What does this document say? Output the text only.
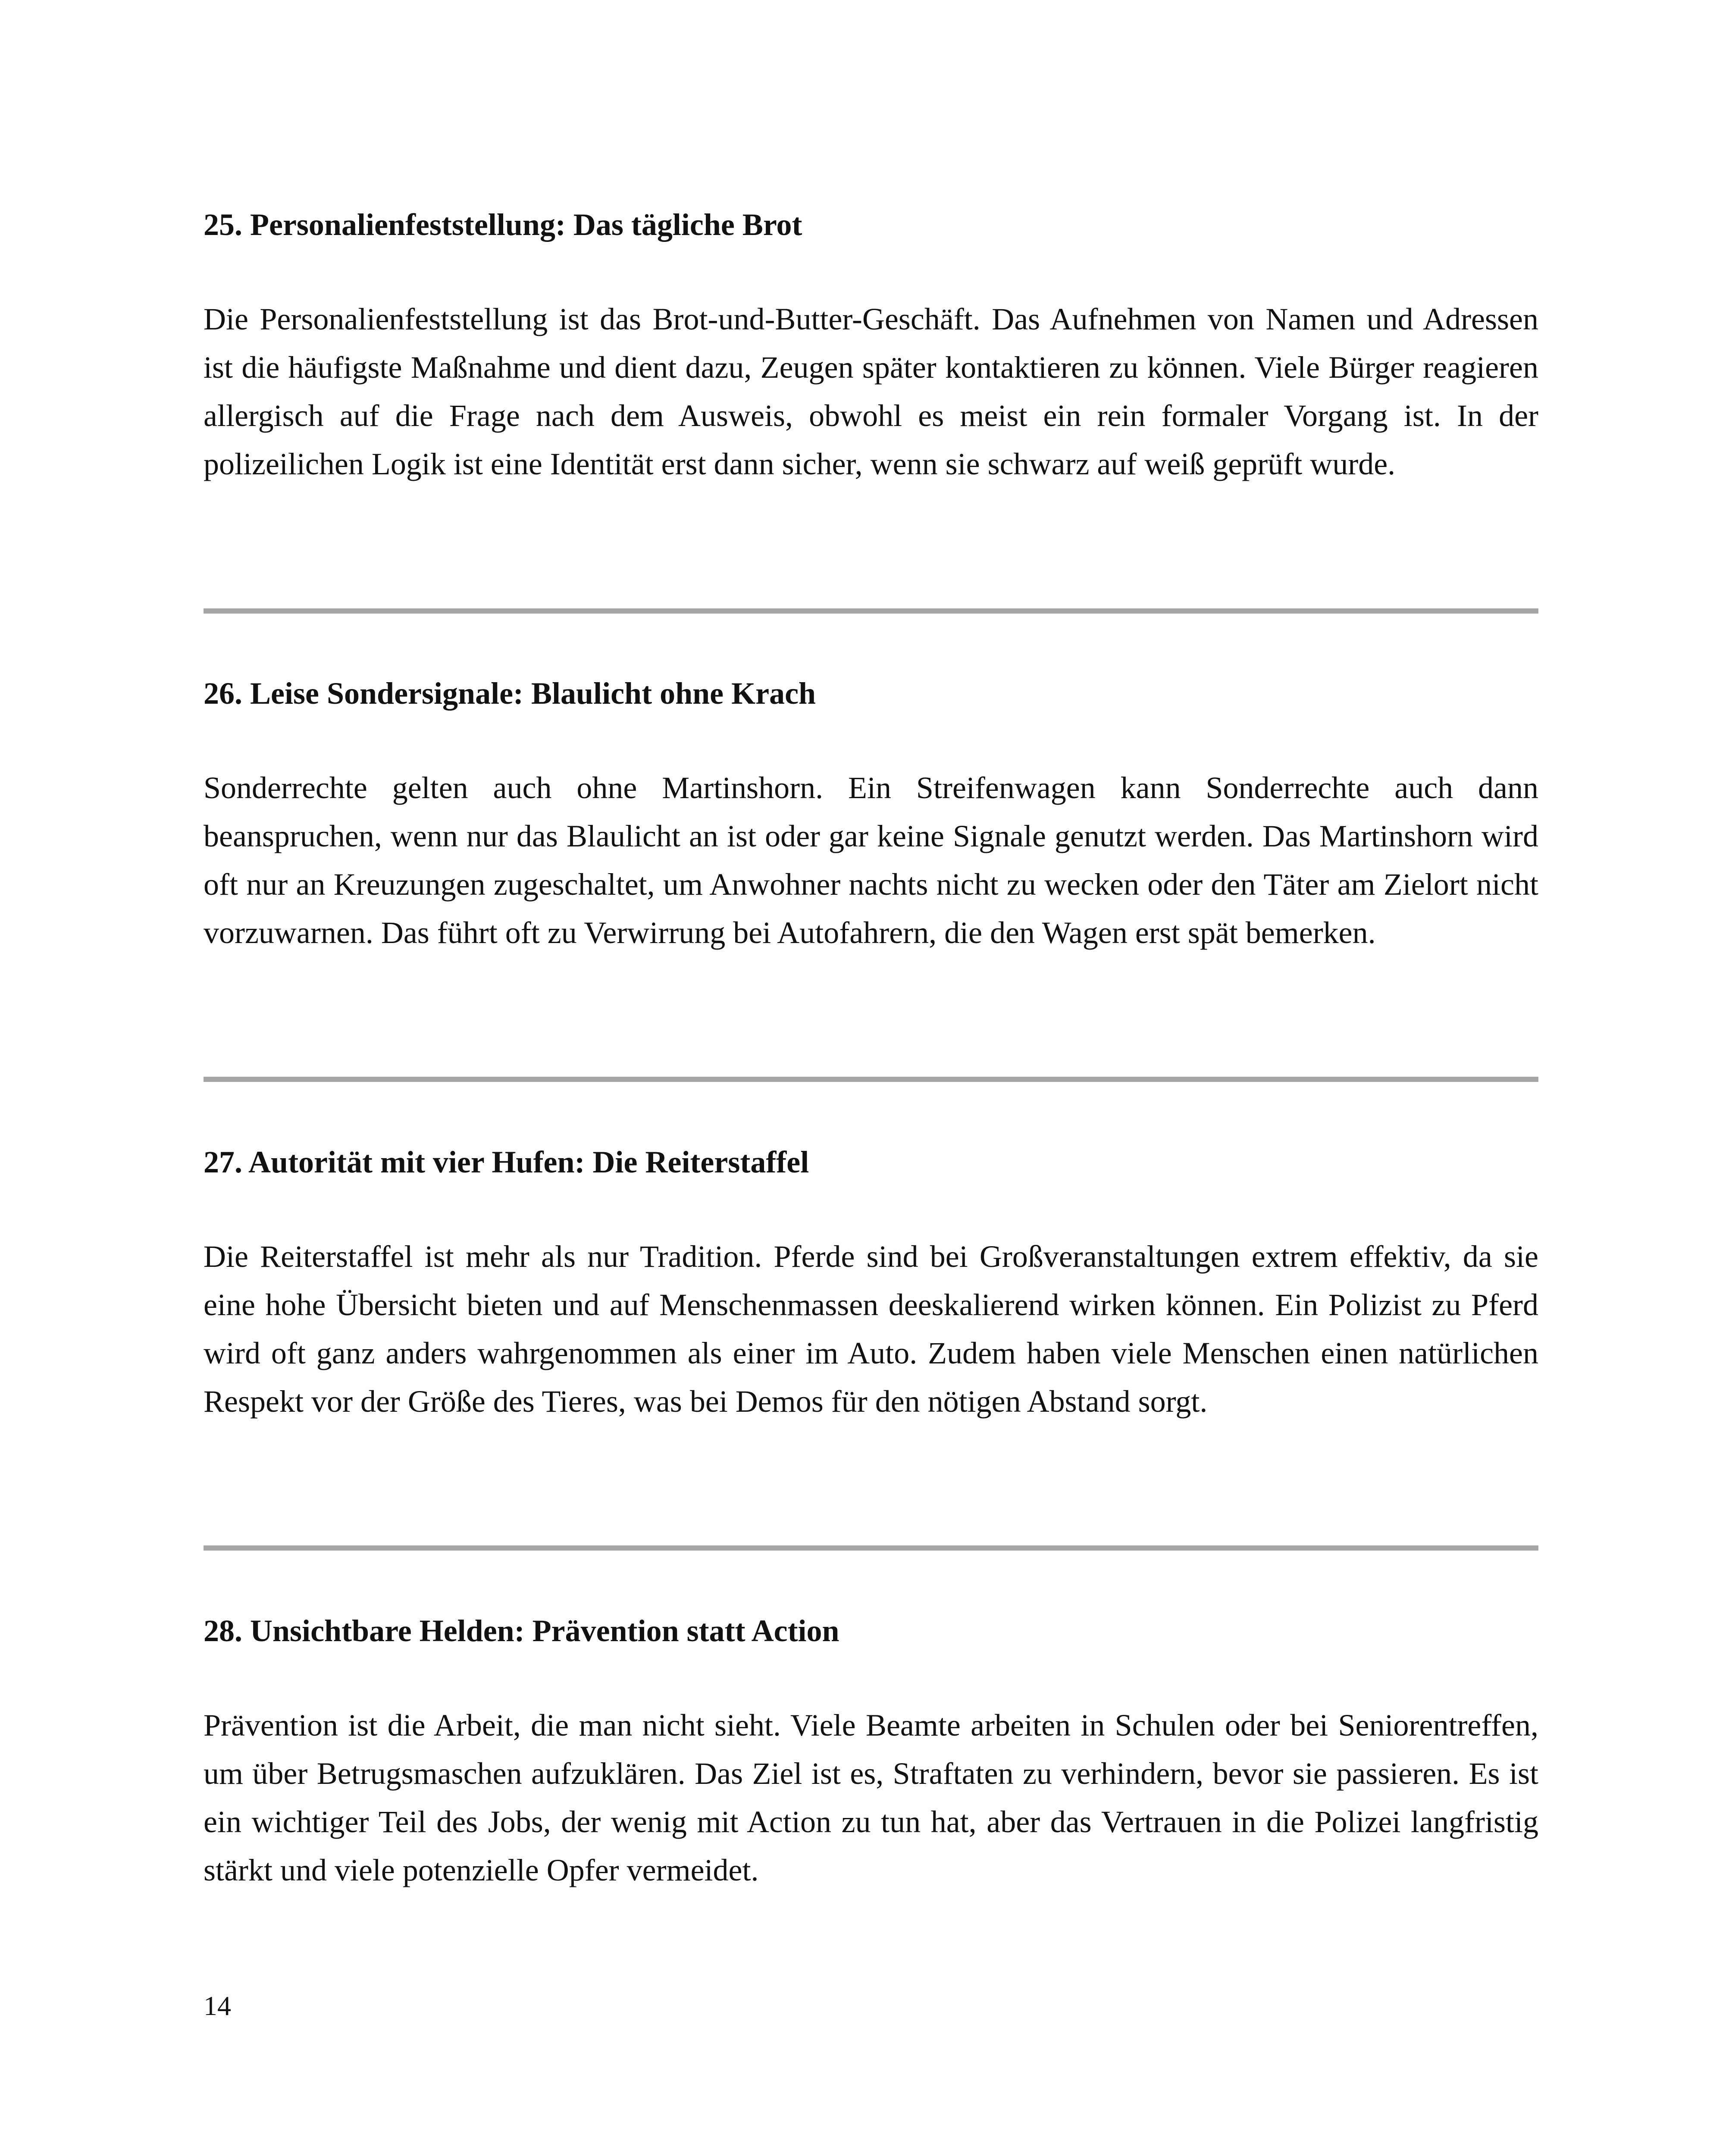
25. Personalienfeststellung: Das tägliche Brot

Die Personalienfeststellung ist das Brot-und-Butter-Geschäft. Das Aufnehmen von Namen und Adressen ist die häufigste Maßnahme und dient dazu, Zeugen später kontaktieren zu können. Viele Bürger reagieren allergisch auf die Frage nach dem Ausweis, obwohl es meist ein rein formaler Vorgang ist. In der polizeilichen Logik ist eine Identität erst dann sicher, wenn sie schwarz auf weiß geprüft wurde.

26. Leise Sondersignale: Blaulicht ohne Krach

Sonderrechte gelten auch ohne Martinshorn. Ein Streifenwagen kann Sonderrechte auch dann beanspruchen, wenn nur das Blaulicht an ist oder gar keine Signale genutzt werden. Das Martinshorn wird oft nur an Kreuzungen zugeschaltet, um Anwohner nachts nicht zu wecken oder den Täter am Zielort nicht vorzuwarnen. Das führt oft zu Verwirrung bei Autofahrern, die den Wagen erst spät bemerken.

27. Autorität mit vier Hufen: Die Reiterstaffel

Die Reiterstaffel ist mehr als nur Tradition. Pferde sind bei Großveranstaltungen extrem effektiv, da sie eine hohe Übersicht bieten und auf Menschenmassen deeskalierend wirken können. Ein Polizist zu Pferd wird oft ganz anders wahrgenommen als einer im Auto. Zudem haben viele Menschen einen natürlichen Respekt vor der Größe des Tieres, was bei Demos für den nötigen Abstand sorgt.

28. Unsichtbare Helden: Prävention statt Action

Prävention ist die Arbeit, die man nicht sieht. Viele Beamte arbeiten in Schulen oder bei Seniorentreffen, um über Betrugsmaschen aufzuklären. Das Ziel ist es, Straftaten zu verhindern, bevor sie passieren. Es ist ein wichtiger Teil des Jobs, der wenig mit Action zu tun hat, aber das Vertrauen in die Polizei langfristig stärkt und viele potenzielle Opfer vermeidet.

14
